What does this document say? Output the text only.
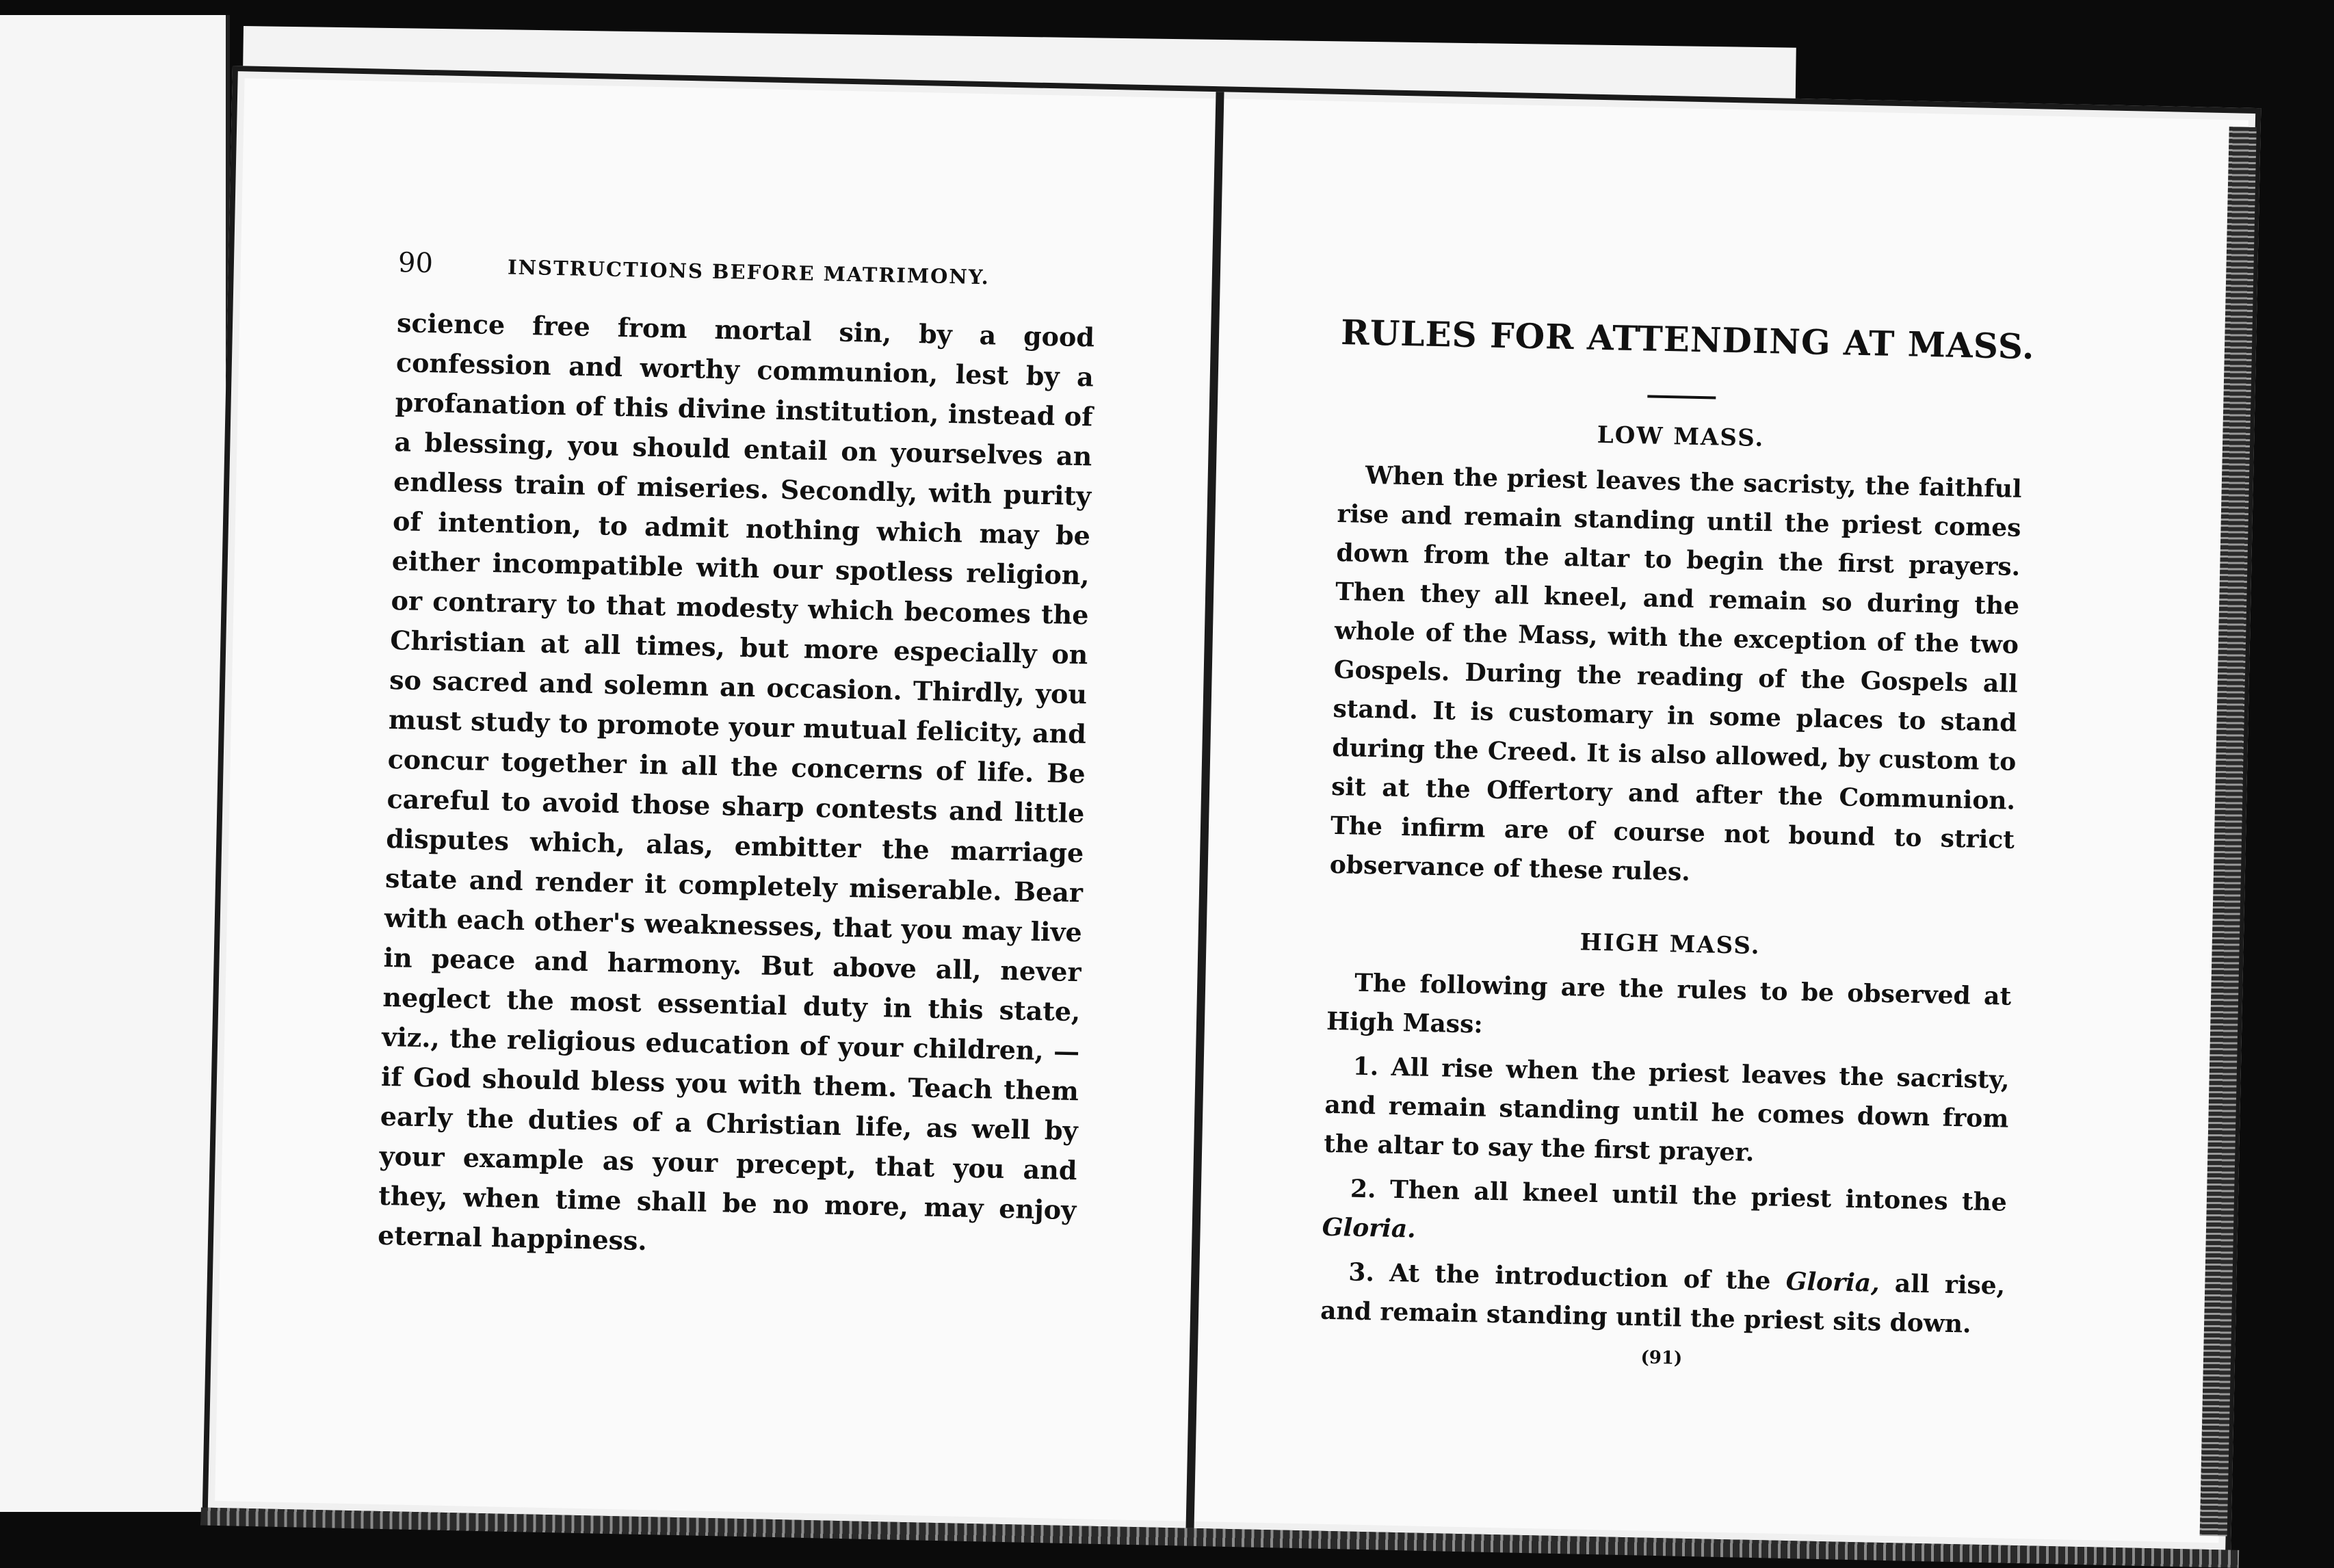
90	INSTRUCTIONS BEFORE MATRIMONY.

science free from mortal sin, by a good confession and worthy communion, lest by a profanation of this divine institution, instead of a blessing, you should entail on yourselves an endless train of miseries. Secondly, with purity of intention, to admit nothing which may be either incompatible with our spotless religion, or contrary to that modesty which becomes the Christian at all times, but more especially on so sacred and solemn an occasion. Thirdly, you must study to promote your mutual felicity, and concur together in all the concerns of life. Be careful to avoid those sharp contests and little disputes which, alas, embitter the marriage state and render it completely miserable. Bear with each other's weaknesses, that you may live in peace and harmony. But above all, never neglect the most essential duty in this state, viz., the religious education of your children, — if God should bless you with them. Teach them early the duties of a Christian life, as well by your example as your precept, that you and they, when time shall be no more, may enjoy eternal happiness.

RULES FOR ATTENDING AT MASS.
LOW MASS.

When the priest leaves the sacristy, the faithful rise and remain standing until the priest comes down from the altar to begin the first prayers. Then they all kneel, and remain so during the whole of the Mass, with the exception of the two Gospels. During the reading of the Gospels all stand. It is customary in some places to stand during the Creed. It is also allowed, by custom to sit at the Offertory and after the Communion. The infirm are of course not bound to strict observance of these rules.

HIGH MASS.

The following are the rules to be observed at High Mass:

1. All rise when the priest leaves the sacristy, and remain standing until he comes down from the altar to say the first prayer.

2. Then all kneel until the priest intones the Gloria.

3. At the introduction of the Gloria, all rise, and remain standing until the priest sits down.

(91)
